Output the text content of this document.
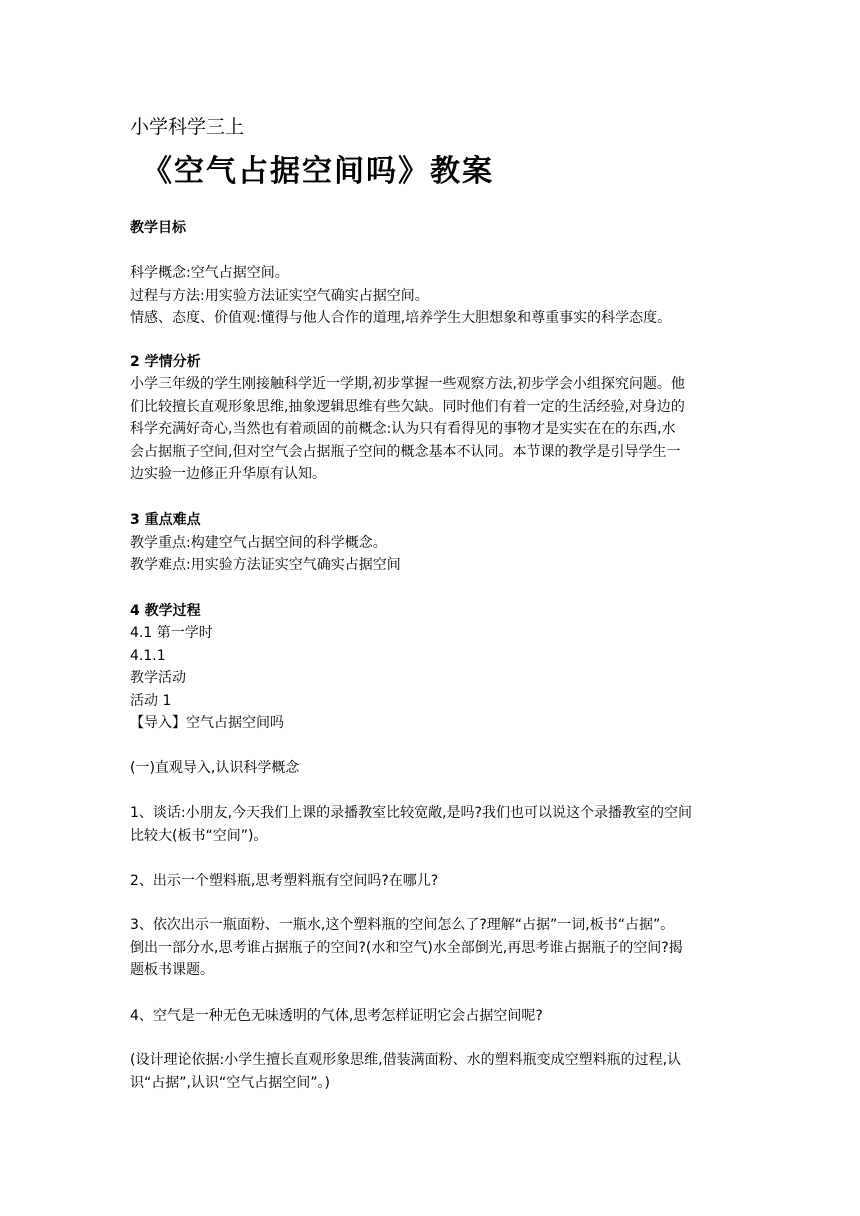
小学科学三上
《空气占据空间吗》教案
教学目标
科学概念:空气占据空间。
过程与方法:用实验方法证实空气确实占据空间。
情感、态度、价值观:懂得与他人合作的道理,培养学生大胆想象和尊重事实的科学态度。
2 学情分析
小学三年级的学生刚接触科学近一学期,初步掌握一些观察方法,初步学会小组探究问题。他
们比较擅长直观形象思维,抽象逻辑思维有些欠缺。同时他们有着一定的生活经验,对身边的
科学充满好奇心,当然也有着顽固的前概念:认为只有看得见的事物才是实实在在的东西,水
会占据瓶子空间,但对空气会占据瓶子空间的概念基本不认同。本节课的教学是引导学生一
边实验一边修正升华原有认知。
3 重点难点
教学重点:构建空气占据空间的科学概念。
教学难点:用实验方法证实空气确实占据空间
4 教学过程
4.1 第一学时
4.1.1
教学活动
活动 1
【导入】空气占据空间吗
(一)直观导入,认识科学概念
1、谈话:小朋友,今天我们上课的录播教室比较宽敞,是吗?我们也可以说这个录播教室的空间
比较大(板书“空间”)。
2、出示一个塑料瓶,思考塑料瓶有空间吗?在哪儿?
3、依次出示一瓶面粉、一瓶水,这个塑料瓶的空间怎么了?理解“占据”一词,板书“占据”。
倒出一部分水,思考谁占据瓶子的空间?(水和空气)水全部倒光,再思考谁占据瓶子的空间?揭
题板书课题。
4、空气是一种无色无味透明的气体,思考怎样证明它会占据空间呢?
(设计理论依据:小学生擅长直观形象思维,借装满面粉、水的塑料瓶变成空塑料瓶的过程,认
识“占据”,认识“空气占据空间”。)
